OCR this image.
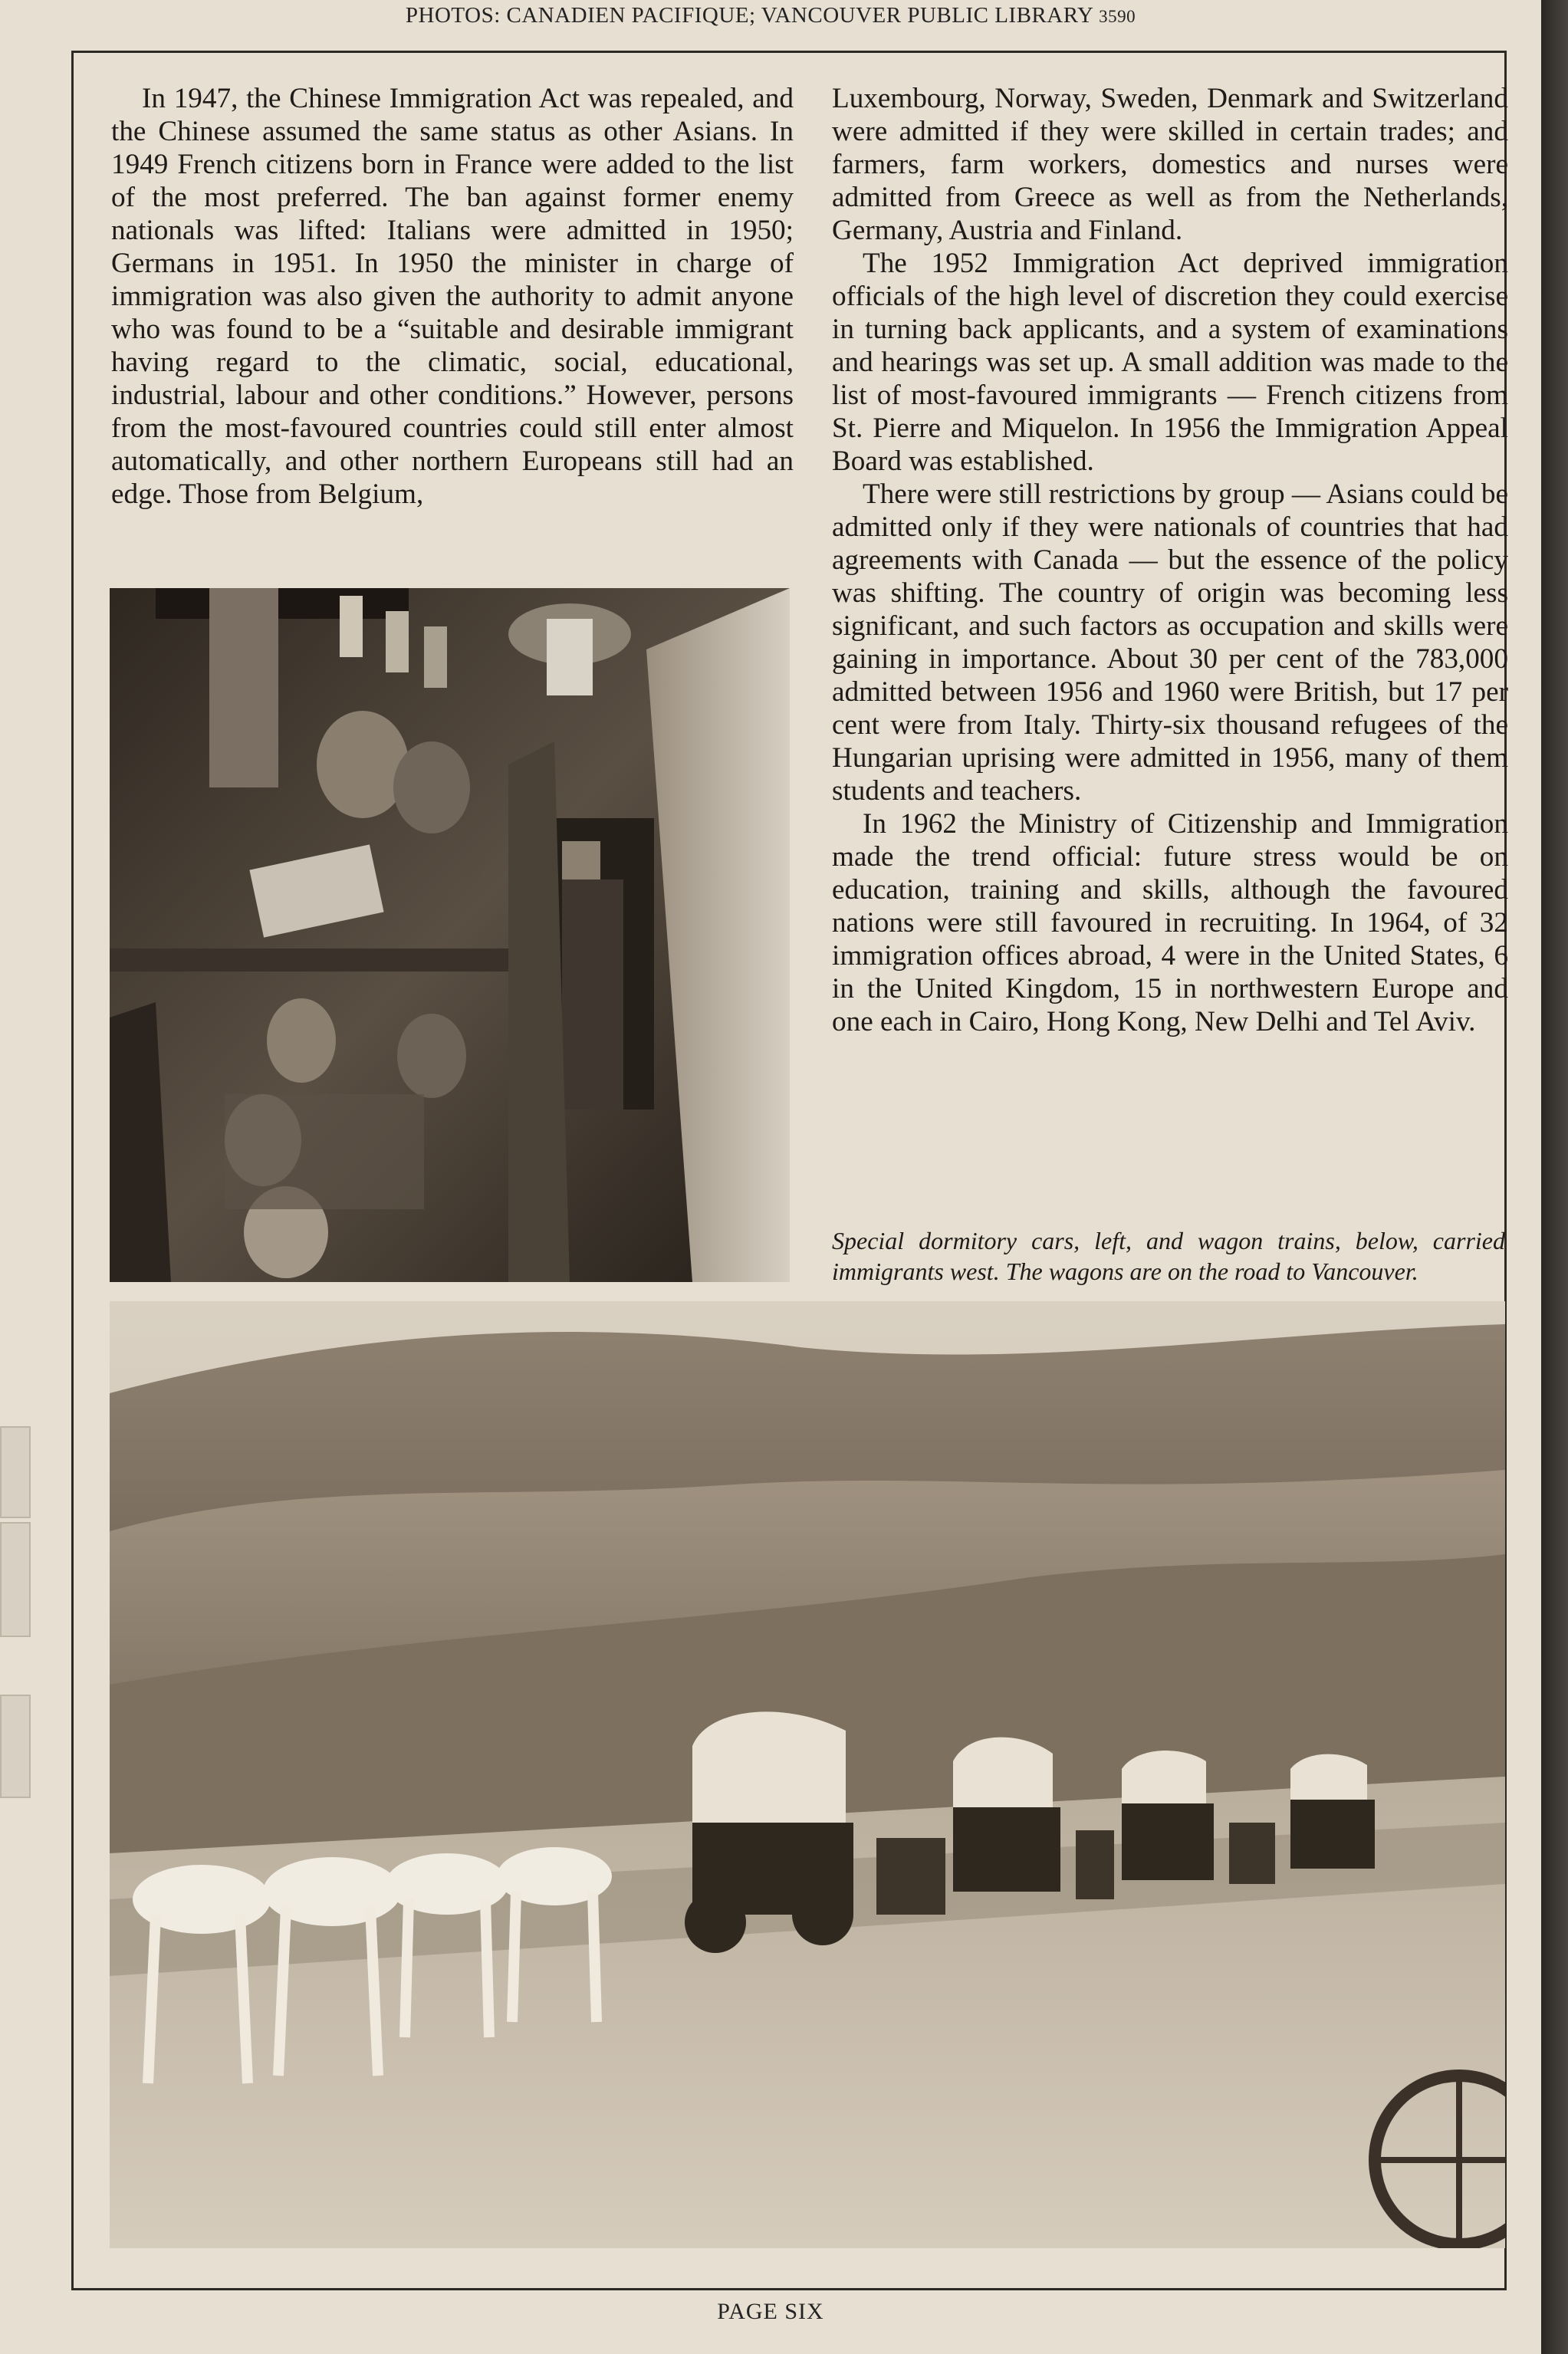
PHOTOS: CANADIEN PACIFIQUE; VANCOUVER PUBLIC LIBRARY 3590

In 1947, the Chinese Immigration Act was repealed, and the Chinese assumed the same status as other Asians. In 1949 French citizens born in France were added to the list of the most preferred. The ban against former enemy nationals was lifted: Italians were admitted in 1950; Germans in 1951. In 1950 the minister in charge of immigration was also given the authority to admit anyone who was found to be a “suitable and desirable immigrant having regard to the climatic, social, educational, industrial, labour and other conditions.” However, persons from the most-favoured countries could still enter almost automatically, and other northern Europeans still had an edge. Those from Belgium,

Luxembourg, Norway, Sweden, Denmark and Switzerland were admitted if they were skilled in certain trades; and farmers, farm workers, domestics and nurses were admitted from Greece as well as from the Netherlands, Germany, Austria and Finland.

The 1952 Immigration Act deprived immigration officials of the high level of discretion they could exercise in turning back applicants, and a system of examinations and hearings was set up. A small addition was made to the list of most-favoured immigrants — French citizens from St. Pierre and Miquelon. In 1956 the Immigration Appeal Board was established.

There were still restrictions by group — Asians could be admitted only if they were nationals of countries that had agreements with Canada — but the essence of the policy was shifting. The country of origin was becoming less significant, and such factors as occupation and skills were gaining in importance. About 30 per cent of the 783,000 admitted between 1956 and 1960 were British, but 17 per cent were from Italy. Thirty-six thousand refugees of the Hungarian uprising were admitted in 1956, many of them students and teachers.

In 1962 the Ministry of Citizenship and Immigration made the trend official: future stress would be on education, training and skills, although the favoured nations were still favoured in recruiting. In 1964, of 32 immigration offices abroad, 4 were in the United States, 6 in the United Kingdom, 15 in northwestern Europe and one each in Cairo, Hong Kong, New Delhi and Tel Aviv.

Special dormitory cars, left, and wagon trains, below, carried immigrants west. The wagons are on the road to Vancouver.
PAGE SIX
